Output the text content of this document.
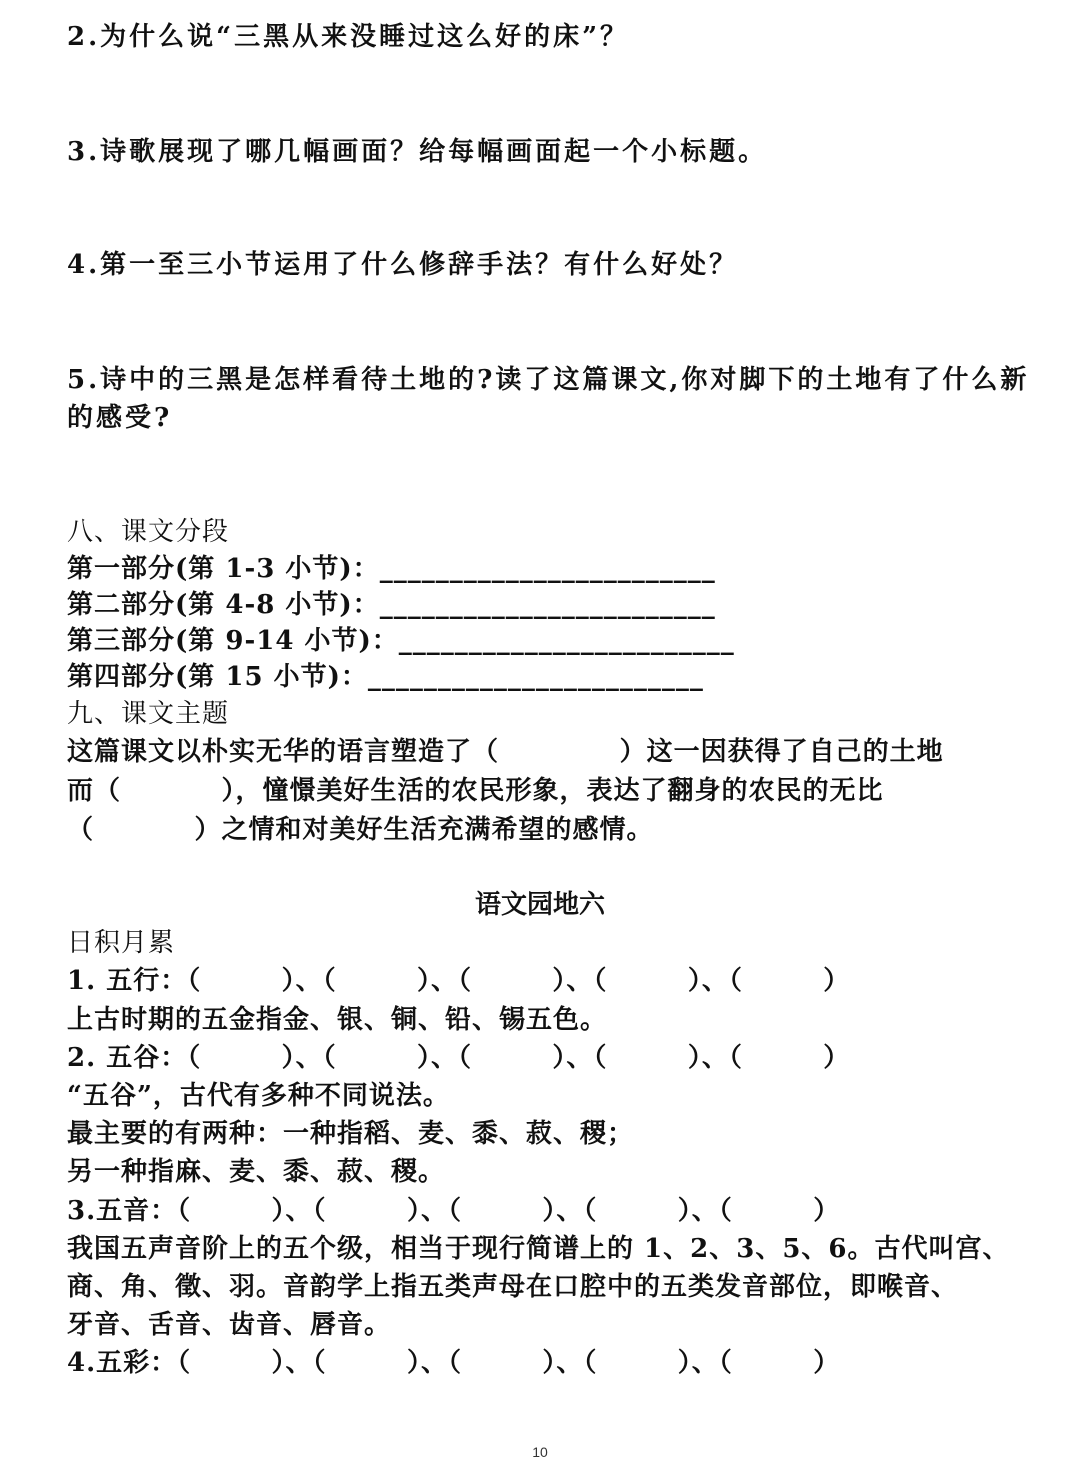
2.为什么说“三黑从来没睡过这么好的床”？
3.诗歌展现了哪几幅画面？给每幅画面起一个小标题。
4.第一至三小节运用了什么修辞手法？有什么好处？
5.诗中的三黑是怎样看待土地的?读了这篇课文,你对脚下的土地有了什么新
的感受?
八、课文分段
第一部分(第 1-3 小节)：________________________
第二部分(第 4-8 小节)：________________________
第三部分(第 9-14 小节)：________________________
第四部分(第 15 小节)：________________________
九、课文主题
这篇课文以朴实无华的语言塑造了（            ）这一因获得了自己的土地
而（          ），憧憬美好生活的农民形象，表达了翻身的农民的无比
（          ）之情和对美好生活充满希望的感情。
语文园地六
日积月累
1. 五行：（        ）、（        ）、（        ）、（        ）、（        ）
上古时期的五金指金、银、铜、铅、锡五色。
2. 五谷：（        ）、（        ）、（        ）、（        ）、（        ）
“五谷”，古代有多种不同说法。
最主要的有两种：一种指稻、麦、黍、菽、稷；
另一种指麻、麦、黍、菽、稷。
3.五音：（        ）、（        ）、（        ）、（        ）、（        ）
我国五声音阶上的五个级，相当于现行简谱上的 1、2、3、5、6。古代叫宫、
商、角、徵、羽。音韵学上指五类声母在口腔中的五类发音部位，即喉音、
牙音、舌音、齿音、唇音。
4.五彩：（        ）、（        ）、（        ）、（        ）、（        ）
10
